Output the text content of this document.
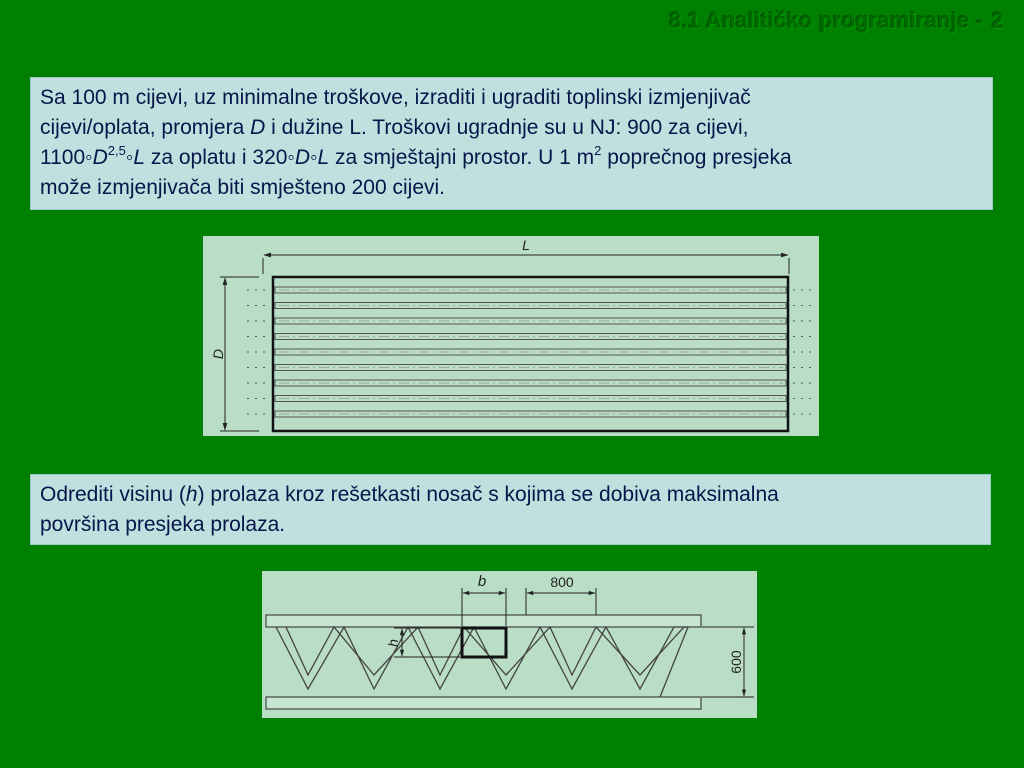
8.1 Analitičko programiranje - 2
Sa 100 m cijevi, uz minimalne troškove, izraditi i ugraditi toplinski izmjenjivač
cijevi/oplata, promjera D i dužine L. Troškovi ugradnje su u NJ: 900 za cijevi,
$1100◦D^{2,5}◦L$ za oplatu i 320◦D◦L za smještajni prostor. U 1 $m^2$ poprečnog presjeka
može izmjenjivača biti smješteno 200 cijevi.
L
D
Odrediti visinu (h) prolaza kroz rešetkasti nosač s kojima se dobiva maksimalna
površina presjeka prolaza.
b	800
h
600
